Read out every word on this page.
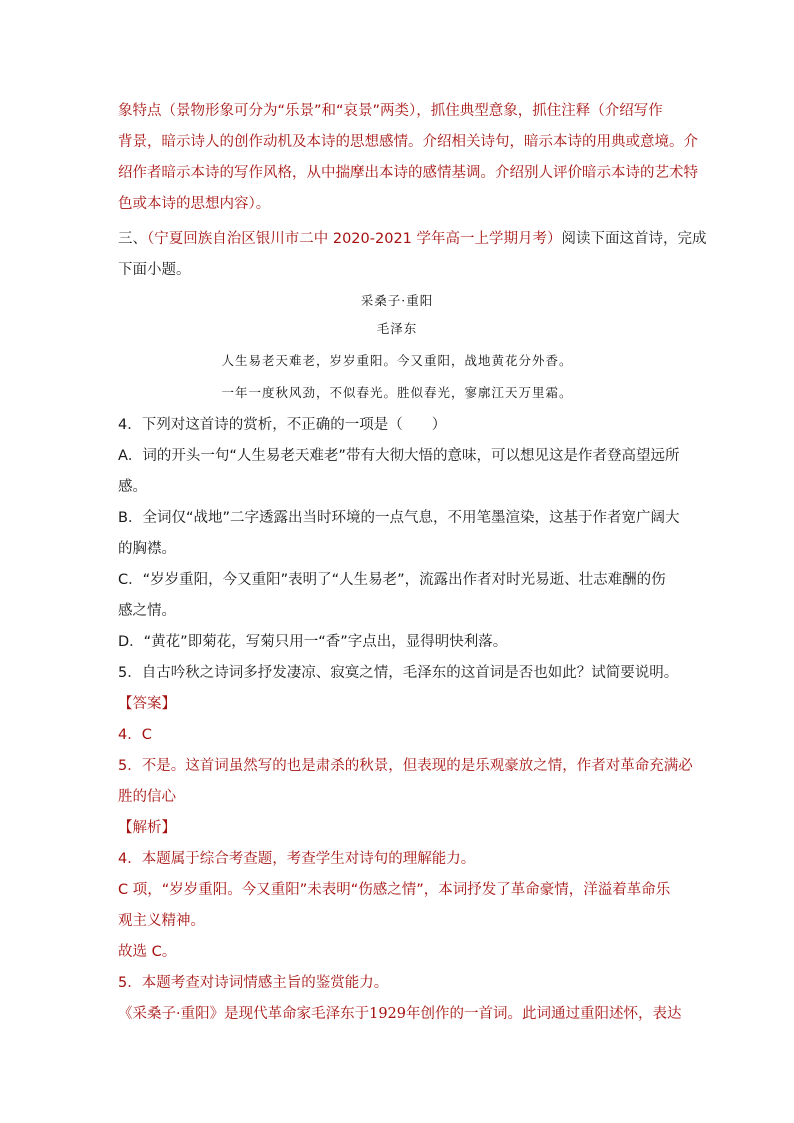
象特点（景物形象可分为“乐景”和“哀景”两类），抓住典型意象，抓住注释（介绍写作
背景，暗示诗人的创作动机及本诗的思想感情。介绍相关诗句，暗示本诗的用典或意境。介
绍作者暗示本诗的写作风格，从中揣摩出本诗的感情基调。介绍别人评价暗示本诗的艺术特
色或本诗的思想内容）。
三、（宁夏回族自治区银川市二中 2020-2021 学年高一上学期月考）阅读下面这首诗，完成
下面小题。
采桑子·重阳
毛泽东
人生易老天难老，岁岁重阳。今又重阳，战地黄花分外香。
一年一度秋风劲，不似春光。胜似春光，寥廓江天万里霜。
4．下列对这首诗的赏析，不正确的一项是（　　）
A．词的开头一句“人生易老天难老”带有大彻大悟的意味，可以想见这是作者登高望远所
感。
B．全词仅“战地”二字透露出当时环境的一点气息，不用笔墨渲染，这基于作者宽广阔大
的胸襟。
C．“岁岁重阳，今又重阳”表明了“人生易老”，流露出作者对时光易逝、壮志难酬的伤
感之情。
D．“黄花”即菊花，写菊只用一“香”字点出，显得明快利落。
5．自古吟秋之诗词多抒发凄凉、寂寞之情，毛泽东的这首词是否也如此？试简要说明。
【答案】
4．C
5．不是。这首词虽然写的也是肃杀的秋景，但表现的是乐观豪放之情，作者对革命充满必
胜的信心
【解析】
4．本题属于综合考查题，考查学生对诗句的理解能力。
C 项，“岁岁重阳。今又重阳”未表明“伤感之情”，本词抒发了革命豪情，洋溢着革命乐
观主义精神。
故选 C。
5．本题考查对诗词情感主旨的鉴赏能力。
《采桑子·重阳》是现代革命家毛泽东于1929年创作的一首词。此词通过重阳述怀，表达
